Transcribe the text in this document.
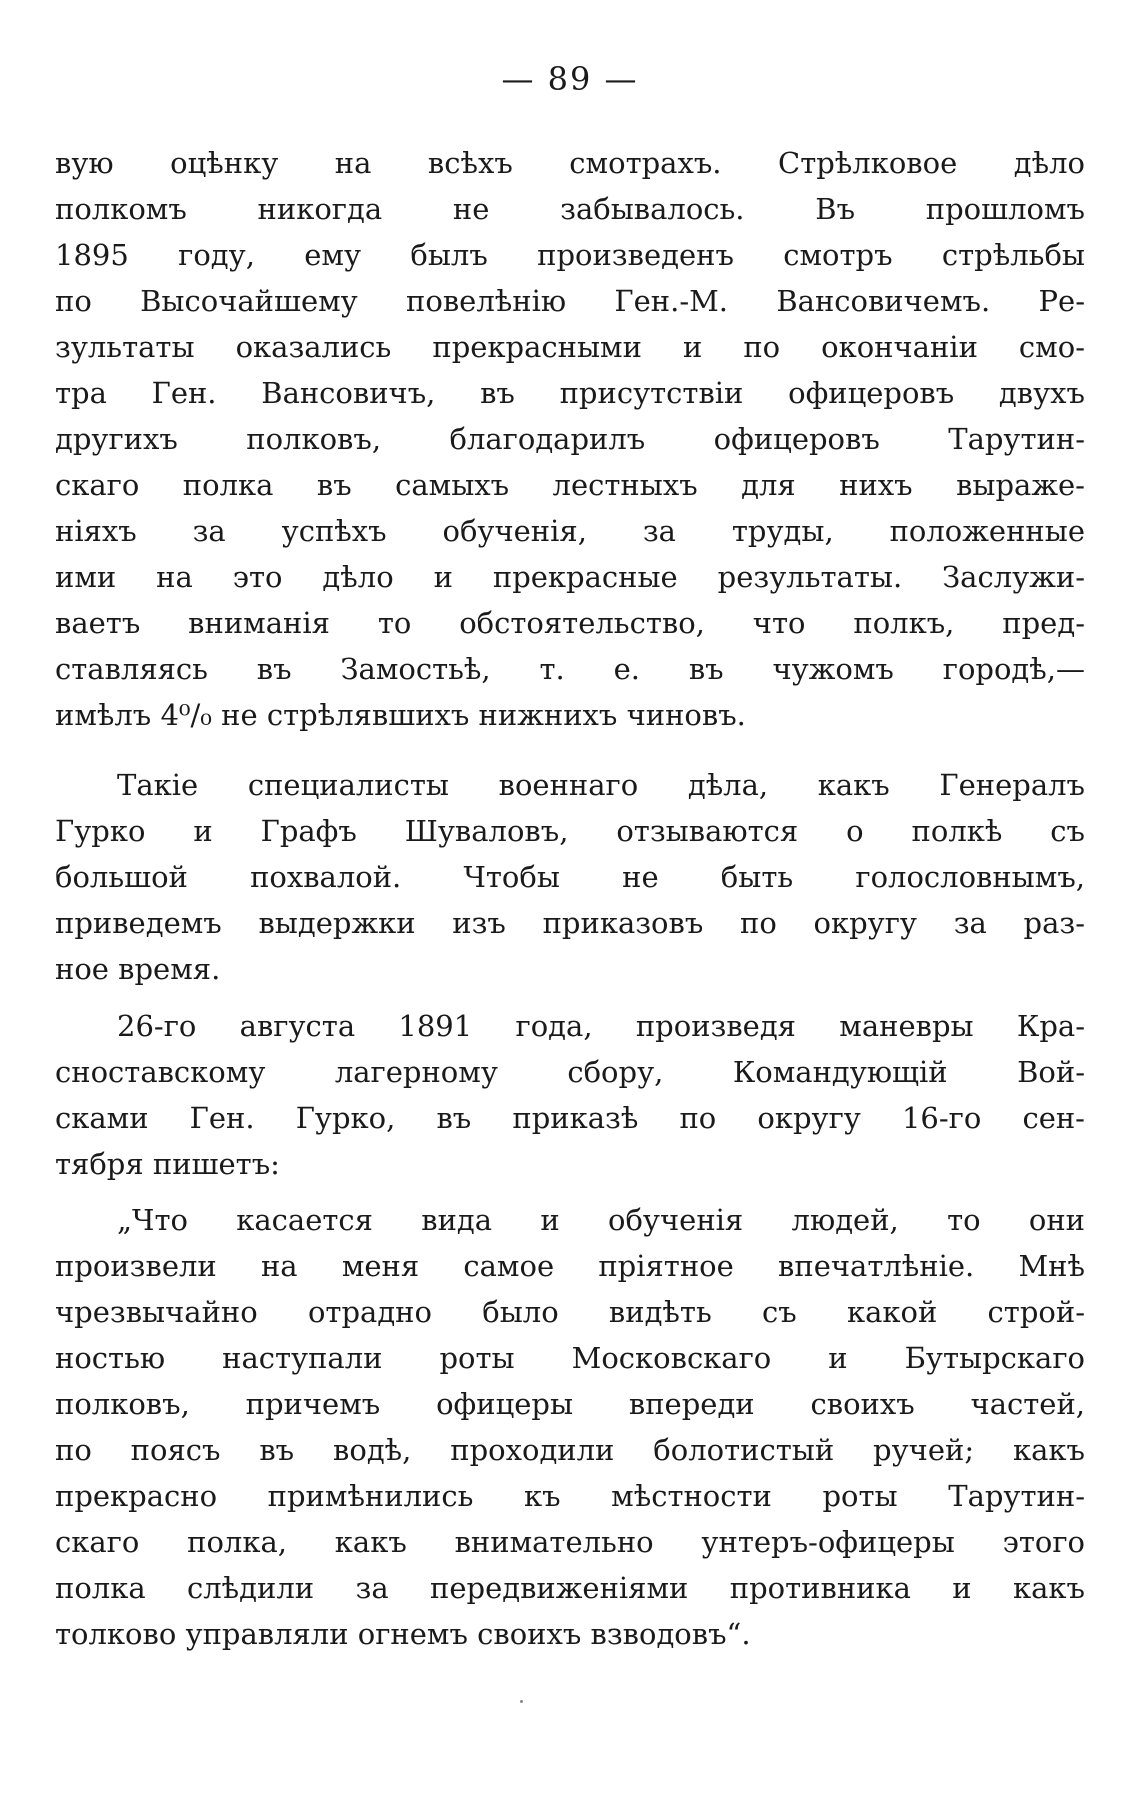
— 89 —
вую оцѣнку на всѣхъ смотрахъ. Стрѣлковое дѣло
полкомъ никогда не забывалось. Въ прошломъ
1895 году, ему былъ произведенъ смотръ стрѣльбы
по Высочайшему повелѣнію Ген.-М. Вансовичемъ. Ре-
зультаты оказались прекрасными и по окончаніи смо-
тра Ген. Вансовичъ, въ присутствіи офицеровъ двухъ
другихъ полковъ, благодарилъ офицеровъ Тарутин-
скаго полка въ самыхъ лестныхъ для нихъ выраже-
ніяхъ за успѣхъ обученія, за труды, положенные
ими на это дѣло и прекрасные результаты. Заслужи-
ваетъ вниманія то обстоятельство, что полкъ, пред-
ставляясь въ Замостьѣ, т. е. въ чужомъ городѣ,—
имѣлъ 4⁰/₀ не стрѣлявшихъ нижнихъ чиновъ.
Такіе специалисты военнаго дѣла, какъ Генералъ
Гурко и Графъ Шуваловъ, отзываются о полкѣ съ
большой похвалой. Чтобы не быть голословнымъ,
приведемъ выдержки изъ приказовъ по округу за раз-
ное время.
26-го августа 1891 года, произведя маневры Кра-
сноставскому лагерному сбору, Командующій Вой-
сками Ген. Гурко, въ приказѣ по округу 16-го сен-
тября пишетъ:
„Что касается вида и обученія людей, то они
произвели на меня самое пріятное впечатлѣніе. Мнѣ
чрезвычайно отрадно было видѣть съ какой строй-
ностью наступали роты Московскаго и Бутырскаго
полковъ, причемъ офицеры впереди своихъ частей,
по поясъ въ водѣ, проходили болотистый ручей; какъ
прекрасно примѣнились къ мѣстности роты Тарутин-
скаго полка, какъ внимательно унтеръ-офицеры этого
полка слѣдили за передвиженіями противника и какъ
толково управляли огнемъ своихъ взводовъ“.
